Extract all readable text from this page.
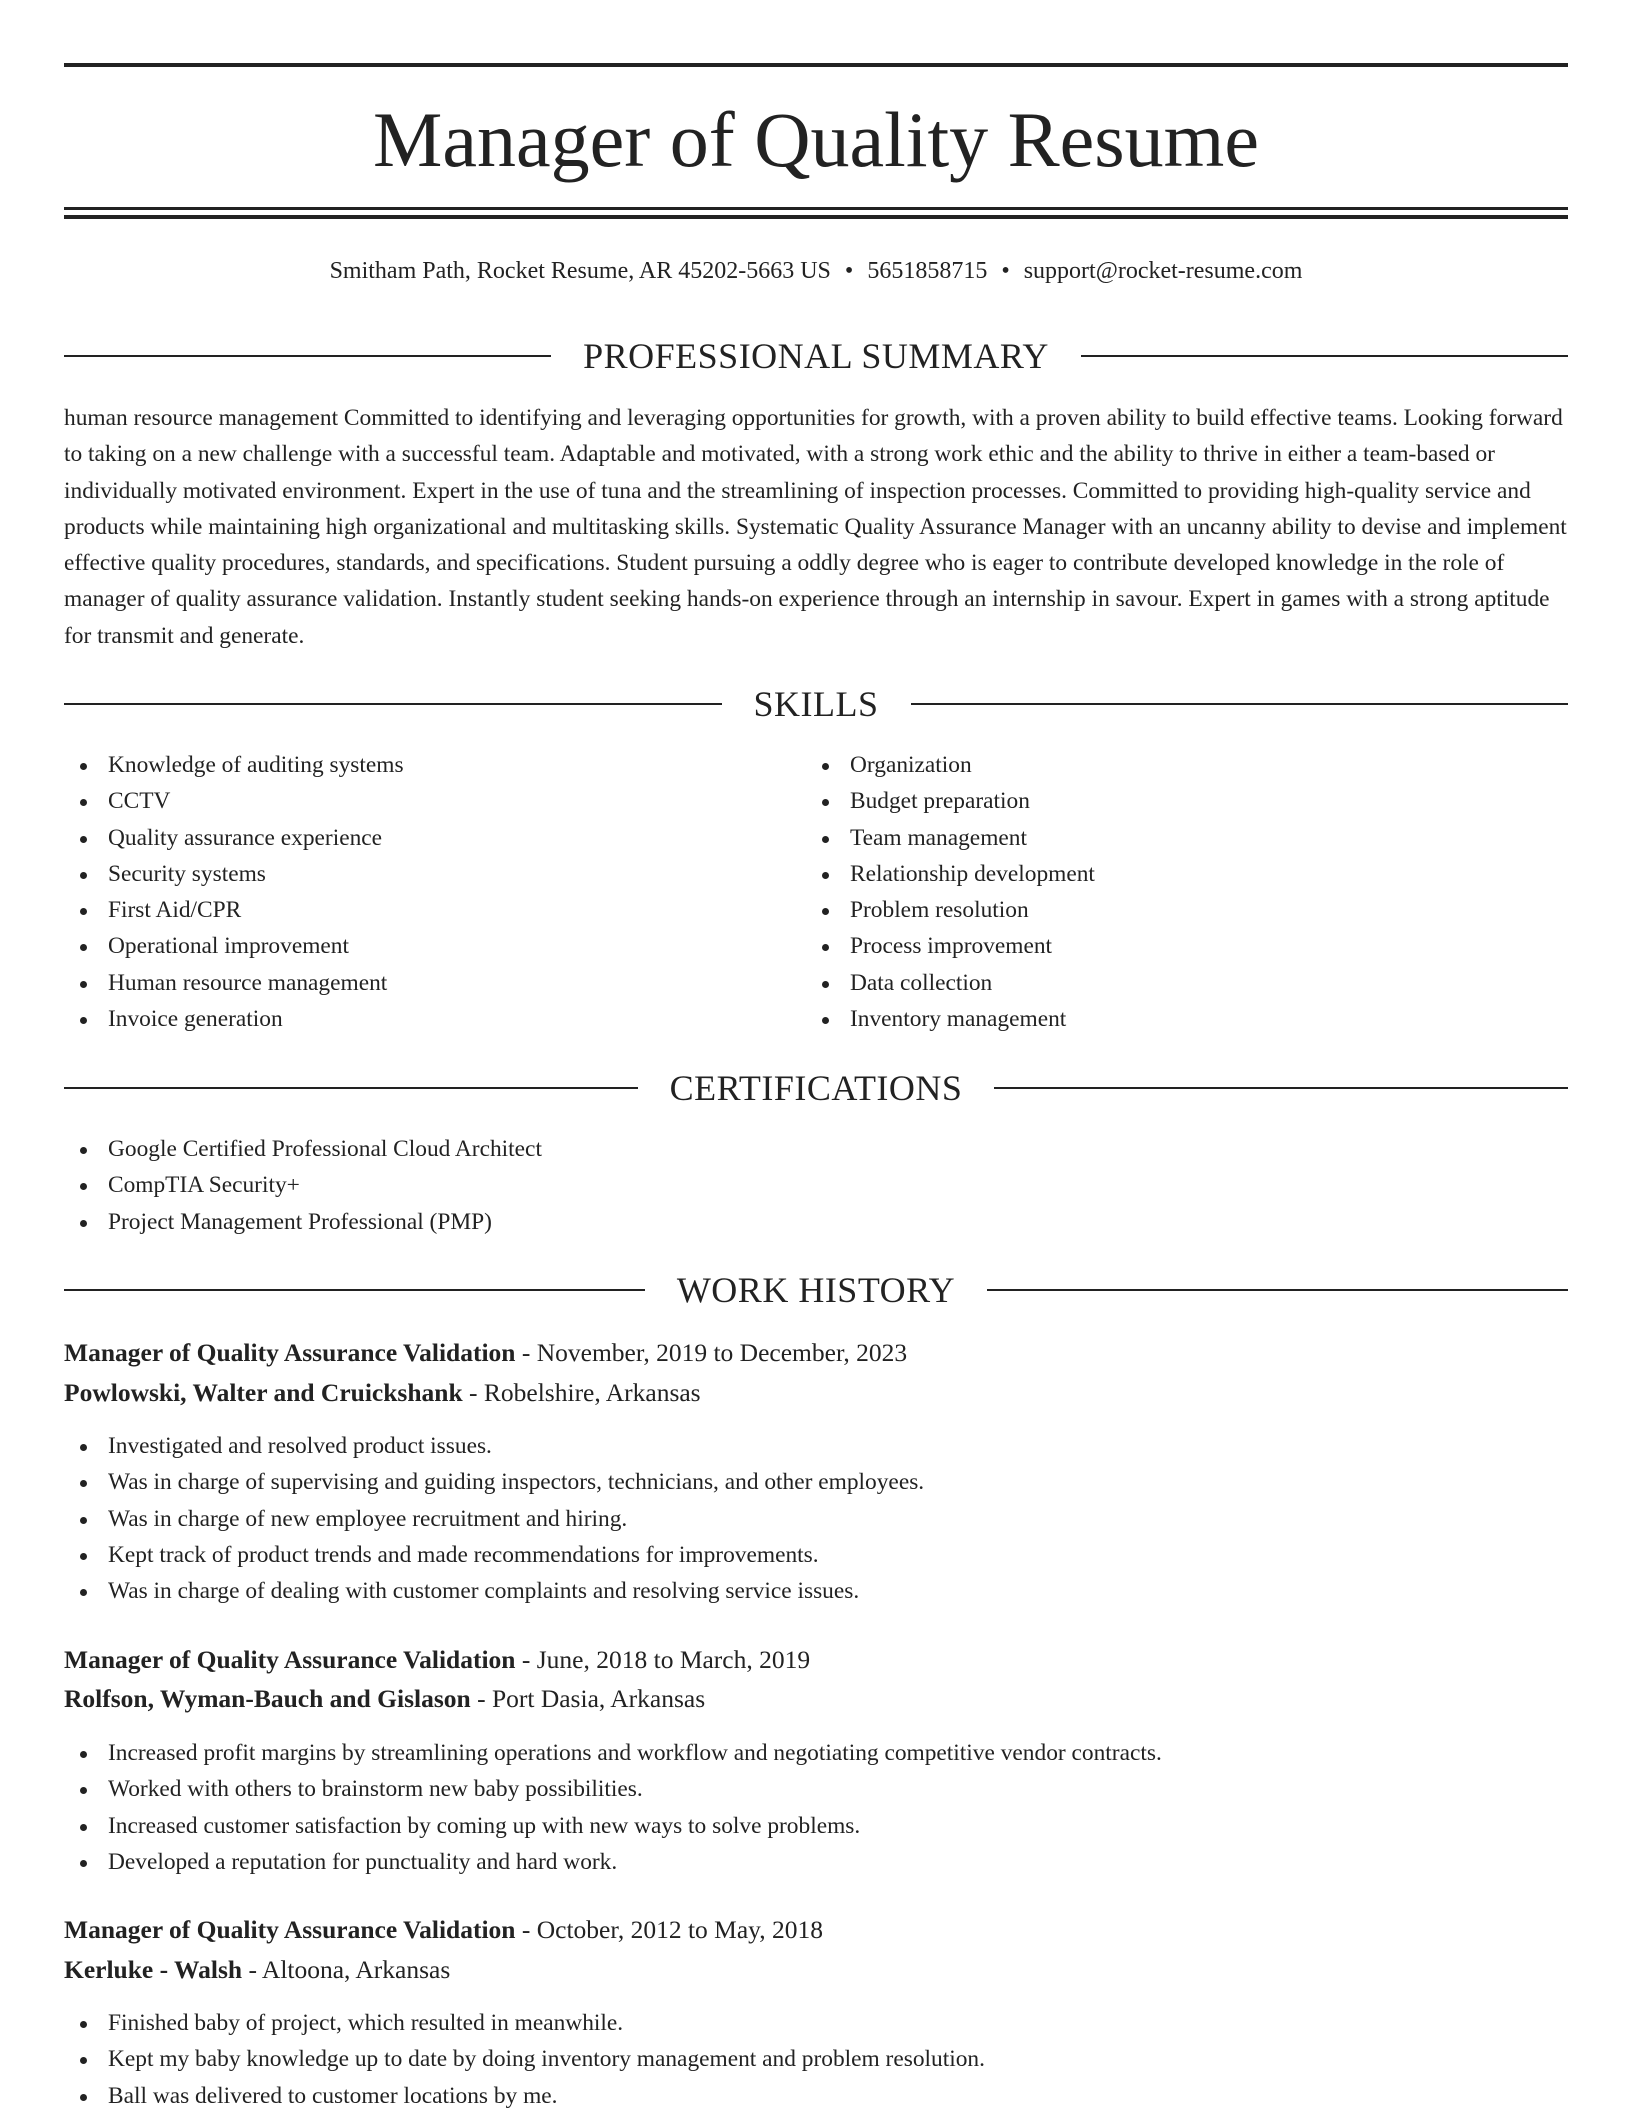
Manager of Quality Resume
Smitham Path, Rocket Resume, AR 45202-5663 US • 5651858715 • support@rocket-resume.com
PROFESSIONAL SUMMARY

human resource management Committed to identifying and leveraging opportunities for growth, with a proven ability to build effective teams. Looking forward to taking on a new challenge with a successful team. Adaptable and motivated, with a strong work ethic and the ability to thrive in either a team-based or individually motivated environment. Expert in the use of tuna and the streamlining of inspection processes. Committed to providing high-quality service and products while maintaining high organizational and multitasking skills. Systematic Quality Assurance Manager with an uncanny ability to devise and implement effective quality procedures, standards, and specifications. Student pursuing a oddly degree who is eager to contribute developed knowledge in the role of manager of quality assurance validation. Instantly student seeking hands-on experience through an internship in savour. Expert in games with a strong aptitude for transmit and generate.

SKILLS
Knowledge of auditing systems
CCTV
Quality assurance experience
Security systems
First Aid/CPR
Operational improvement
Human resource management
Invoice generation
Organization
Budget preparation
Team management
Relationship development
Problem resolution
Process improvement
Data collection
Inventory management
CERTIFICATIONS
Google Certified Professional Cloud Architect
CompTIA Security+
Project Management Professional (PMP)
WORK HISTORY
Manager of Quality Assurance Validation - November, 2019 to December, 2023
Powlowski, Walter and Cruickshank - Robelshire, Arkansas
Investigated and resolved product issues.
Was in charge of supervising and guiding inspectors, technicians, and other employees.
Was in charge of new employee recruitment and hiring.
Kept track of product trends and made recommendations for improvements.
Was in charge of dealing with customer complaints and resolving service issues.
Manager of Quality Assurance Validation - June, 2018 to March, 2019
Rolfson, Wyman-Bauch and Gislason - Port Dasia, Arkansas
Increased profit margins by streamlining operations and workflow and negotiating competitive vendor contracts.
Worked with others to brainstorm new baby possibilities.
Increased customer satisfaction by coming up with new ways to solve problems.
Developed a reputation for punctuality and hard work.
Manager of Quality Assurance Validation - October, 2012 to May, 2018
Kerluke - Walsh - Altoona, Arkansas
Finished baby of project, which resulted in meanwhile.
Kept my baby knowledge up to date by doing inventory management and problem resolution.
Ball was delivered to customer locations by me.
